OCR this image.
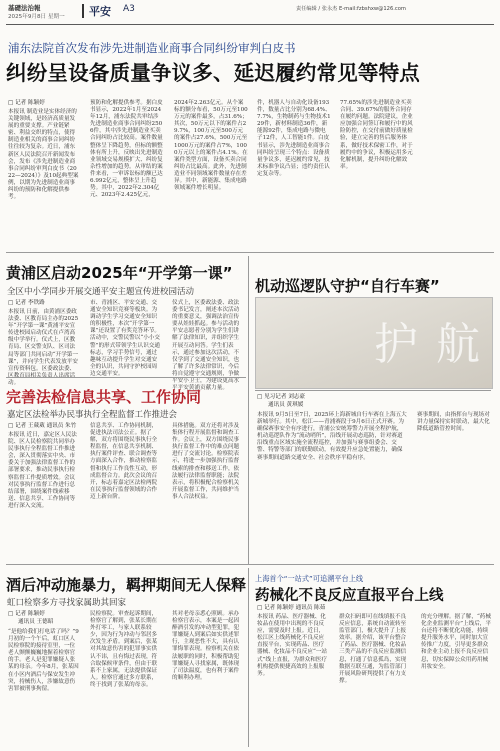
基礎法治報
2025年9月8日 星期一 平安 A3	责任编辑 / 张永杰 E-mail:fzbshxw@126.com
浦东法院首次发布涉先进制造业商事合同纠纷审判白皮书
纠纷呈设备质量争议多、延迟履约常见等特点
□ 记者 陈颖婷
本报讯 制造业是实体经济的关键领域，是经济高质量发展的重要支撑。产业链紧密、利益交织的特点，使得制造业相关的商事合同纠纷往往较为复杂。近日，浦东新区人民法院召开新闻发布会，发布《涉先进制造业商事合同纠纷审判白皮书（2022—2024）》及10起典型案例，以期为先进制造业商事纠纷的预防和化解提供参考。
预防和化解提供参考。据白皮书显示，2022年1月至2024年12月，浦东法院共审结涉先进制造业商事合同纠纷2506件，其中涉先进制造业买卖合同纠纷占比较高。案件数量整体呈下降趋势，但标的额整体有所上升，反映出先进制造业领域交易规模扩大、纠纷复杂性增加的趋势。从审结的案件来看，一审诉讼标的额已达6.992亿元，整体呈上升趋势。其中，2022年2.304亿元、2023年2.425亿元，
2024年2.263亿元。从个案标的额分布看，50万元至100万元的案件最多，占31.6%；其次，50万元以下的案件占29.7%，100万元至500万元的案件占27.6%，500万元至1000万元的案件占7%，1000万元以上的案件占4.1%。在案件类型方面，设备买卖合同纠纷占比最高。此外，先进制造业不同领域案件数量存在差异。其中，新能源、集成电路领域案件增长明显。
件，机器人与自动化设备193件，数量占比分别为68.4%、7.7%，生物制药与生物技术129件，新材料制造36件，新能源92件，集成电路与微电子12件，人工智能1件。白皮书显示，涉先进制造业商事合同纠纷呈现三个特点：设备质量争议多，延迟履约常见，技术标准争议凸显；违约责任认定复杂等。
77.65%的涉先进制造业买卖合同、39.67%的服务合同存在履约问题。法院建议，企业应加强合同签订和履行中的风险防控，在交付前做好质量检验，建立完善的售后服务体系，做好技术保密工作，对于履约中的争议，积极运用多元化解机制，提升纠纷化解效率。
黄浦区启动2025年“开学第一课”
全区中小学同步开展交通平安主题宣传进校园活动
□ 记者 李铁路
本报讯 日前，由黄浦区委政法委、区教育局主办的2025年“开学第一课”黄浦平安宣传进校园启动仪式在卢湾高级中学举行。仪式上，区教育局、区交警支队、区司法局等部门共同启动“开学第一课”，并向学生代表发放平安宣传资料包。区委政法委、区教育局相关负责人出席活动。
市、青浦区、平安交通、交通安全知识竞赛等板块。为调动学生学习交通安全知识的积极性，本次“开学第一课”还设置了有奖竞答环节。活动中，交警民警以“小小交警”的形式带领学生认识交通标志，学习手势信号，通过趣味互动提升学生对交通安全的认识，共同守护校园周边交通平安。
仪式上，区委政法委、政法委书记发言，阐述本次活动的重要意义，强调法治宣传要从娃娃抓起。参与活动的平安志愿者分别为学生们讲解了法律知识，并组织学生开展互动问答。学生们表示，通过参加这次活动，不仅学到了交通安全知识，也了解了许多法律常识，今后将自觉遵守交通规则，争做平安小卫士，为建设更高水平平安黄浦贡献力量。
机动巡逻队守护“自行车赛”
护航
□ 见习记者 刘志豪
通讯员 黄琪媛
本报讯 9月5日至7日，2025环上海新城自行车赛在上海五大新城举行。其中，松江——青浦赛段于9月6日正式开赛。为确保赛事安全有序进行，青浦公安统筹警力开展全程护航，机动巡逻队作为“流动哨所”，沿线开展动态巡防，针对赛道沿线重点区域实施全流程巡控，并加强与赛事组委会、交警、特警等部门的联勤联动，有效提升应急处置能力，确保赛事期间道路交通安全、社会秩序平稳有序。
赛事期间，由指挥台与现场对讲力量保持实时联动，最大化降低道路管控时间。
完善法检信息共享、工作协同
嘉定区法检举办民事执行全程监督工作推进会
□ 记者 王葳葳 通讯员 朱竹
本报讯 近日，嘉定区人民法院、区人民检察院共同举办民事执行全程监督工作推进会，深入贯彻落实中央、市委关于加强法律监督工作的部署要求，推动民事执行检察监督工作提质增效。会议对民事执行监督工作进行总结部署，围绕案件线索移送、信息共享、工作协同等进行深入交流。
信息共享、工作协同机制，促进执法司法公正。据了解，双方将围绕民事执行全程监督，在信息共享机制、执行案件评查、联合调查等方面深入合作，推动检察监督和执行工作良性互动，形成监督合力。此次会议的召开，标志着嘉定区法检两院在民事执行监督领域的合作迈上新台阶。
具体措施。双方还将对涉及集体行程开展监督和调查工作。会议上，双方围绕民事执行监督工作中的难点问题进行了交流讨论。检察院表示，将进一步加强执行监督线索的排查和移送工作，依法履行法律监督职能；法院表示，将积极配合检察机关开展监督工作，共同维护当事人合法权益。
酒后冲动施暴力，羁押期间无人保释
虹口检察多方寻找家属助其回家
□ 记者 陈颖婷
通讯员 王德昭
“是他给我们打电话了吗？”9月初的一个午后，虹口区人民检察院的接待室里，一位老人颤颤巍巍地握着检察官的手。老人是犯罪嫌疑人张某的母亲。今年8月，张某因在小区内酒后与保安发生冲突，持械伤人，涉嫌故意伤害罪被刑事拘留。
民检察院。审查起诉期间，检察官了解到，张某长期在外打零工，与家人联系较少，因为行为冲动与邻居多次发生矛盾。到案后，张某对其故意伤害的犯罪事实供认不讳，且有悔过表现，符合取保候审条件，但由于联系不上家属，无法提供保证人。检察官通过多方联系，终于找到了张某的母亲。
其对老母亲悉心照顾。承办检察官表示，本案是一起因醉酒引发的冲动型犯罪，犯罪嫌疑人到案后如实供述罪行，主观恶性不大，具有认罪悔罪表现。检察机关在依法履职的同时，积极帮助犯罪嫌疑人寻找家属，既体现了司法温度，也有利于案件的顺利办理。
上海首个“一站式”可追溯平台上线
药械化不良反应直报平台上线
□ 记者 陈颖婷 通讯员 陈茹
本报讯 药品、医疗器械、化妆品在使用中出现的不良反应，需要及时上报。近日，松江区上线药械化不良反应直报平台，实现药品、医疗器械、化妆品不良反应“一站式”线上直报，为群众和医疗机构提供便捷高效的上报服务。
群众扫码即可在线填报不良反应信息，系统自动流转至监管部门，极大提升了上报效率。据介绍，该平台整合了药品、医疗器械、化妆品三类产品的不良反应监测信息，打通了信息孤岛，实现数据互联互通，为监管部门开展风险研判提供了有力支撑。
的充分理解。据了解，“药械化企业监测平台”上线后，平台还将不断优化功能，持续提升服务水平，同时加大宣传推广力度，引导更多群众和企业主动上报不良反应信息，切实保障公众用药用械用妆安全。
